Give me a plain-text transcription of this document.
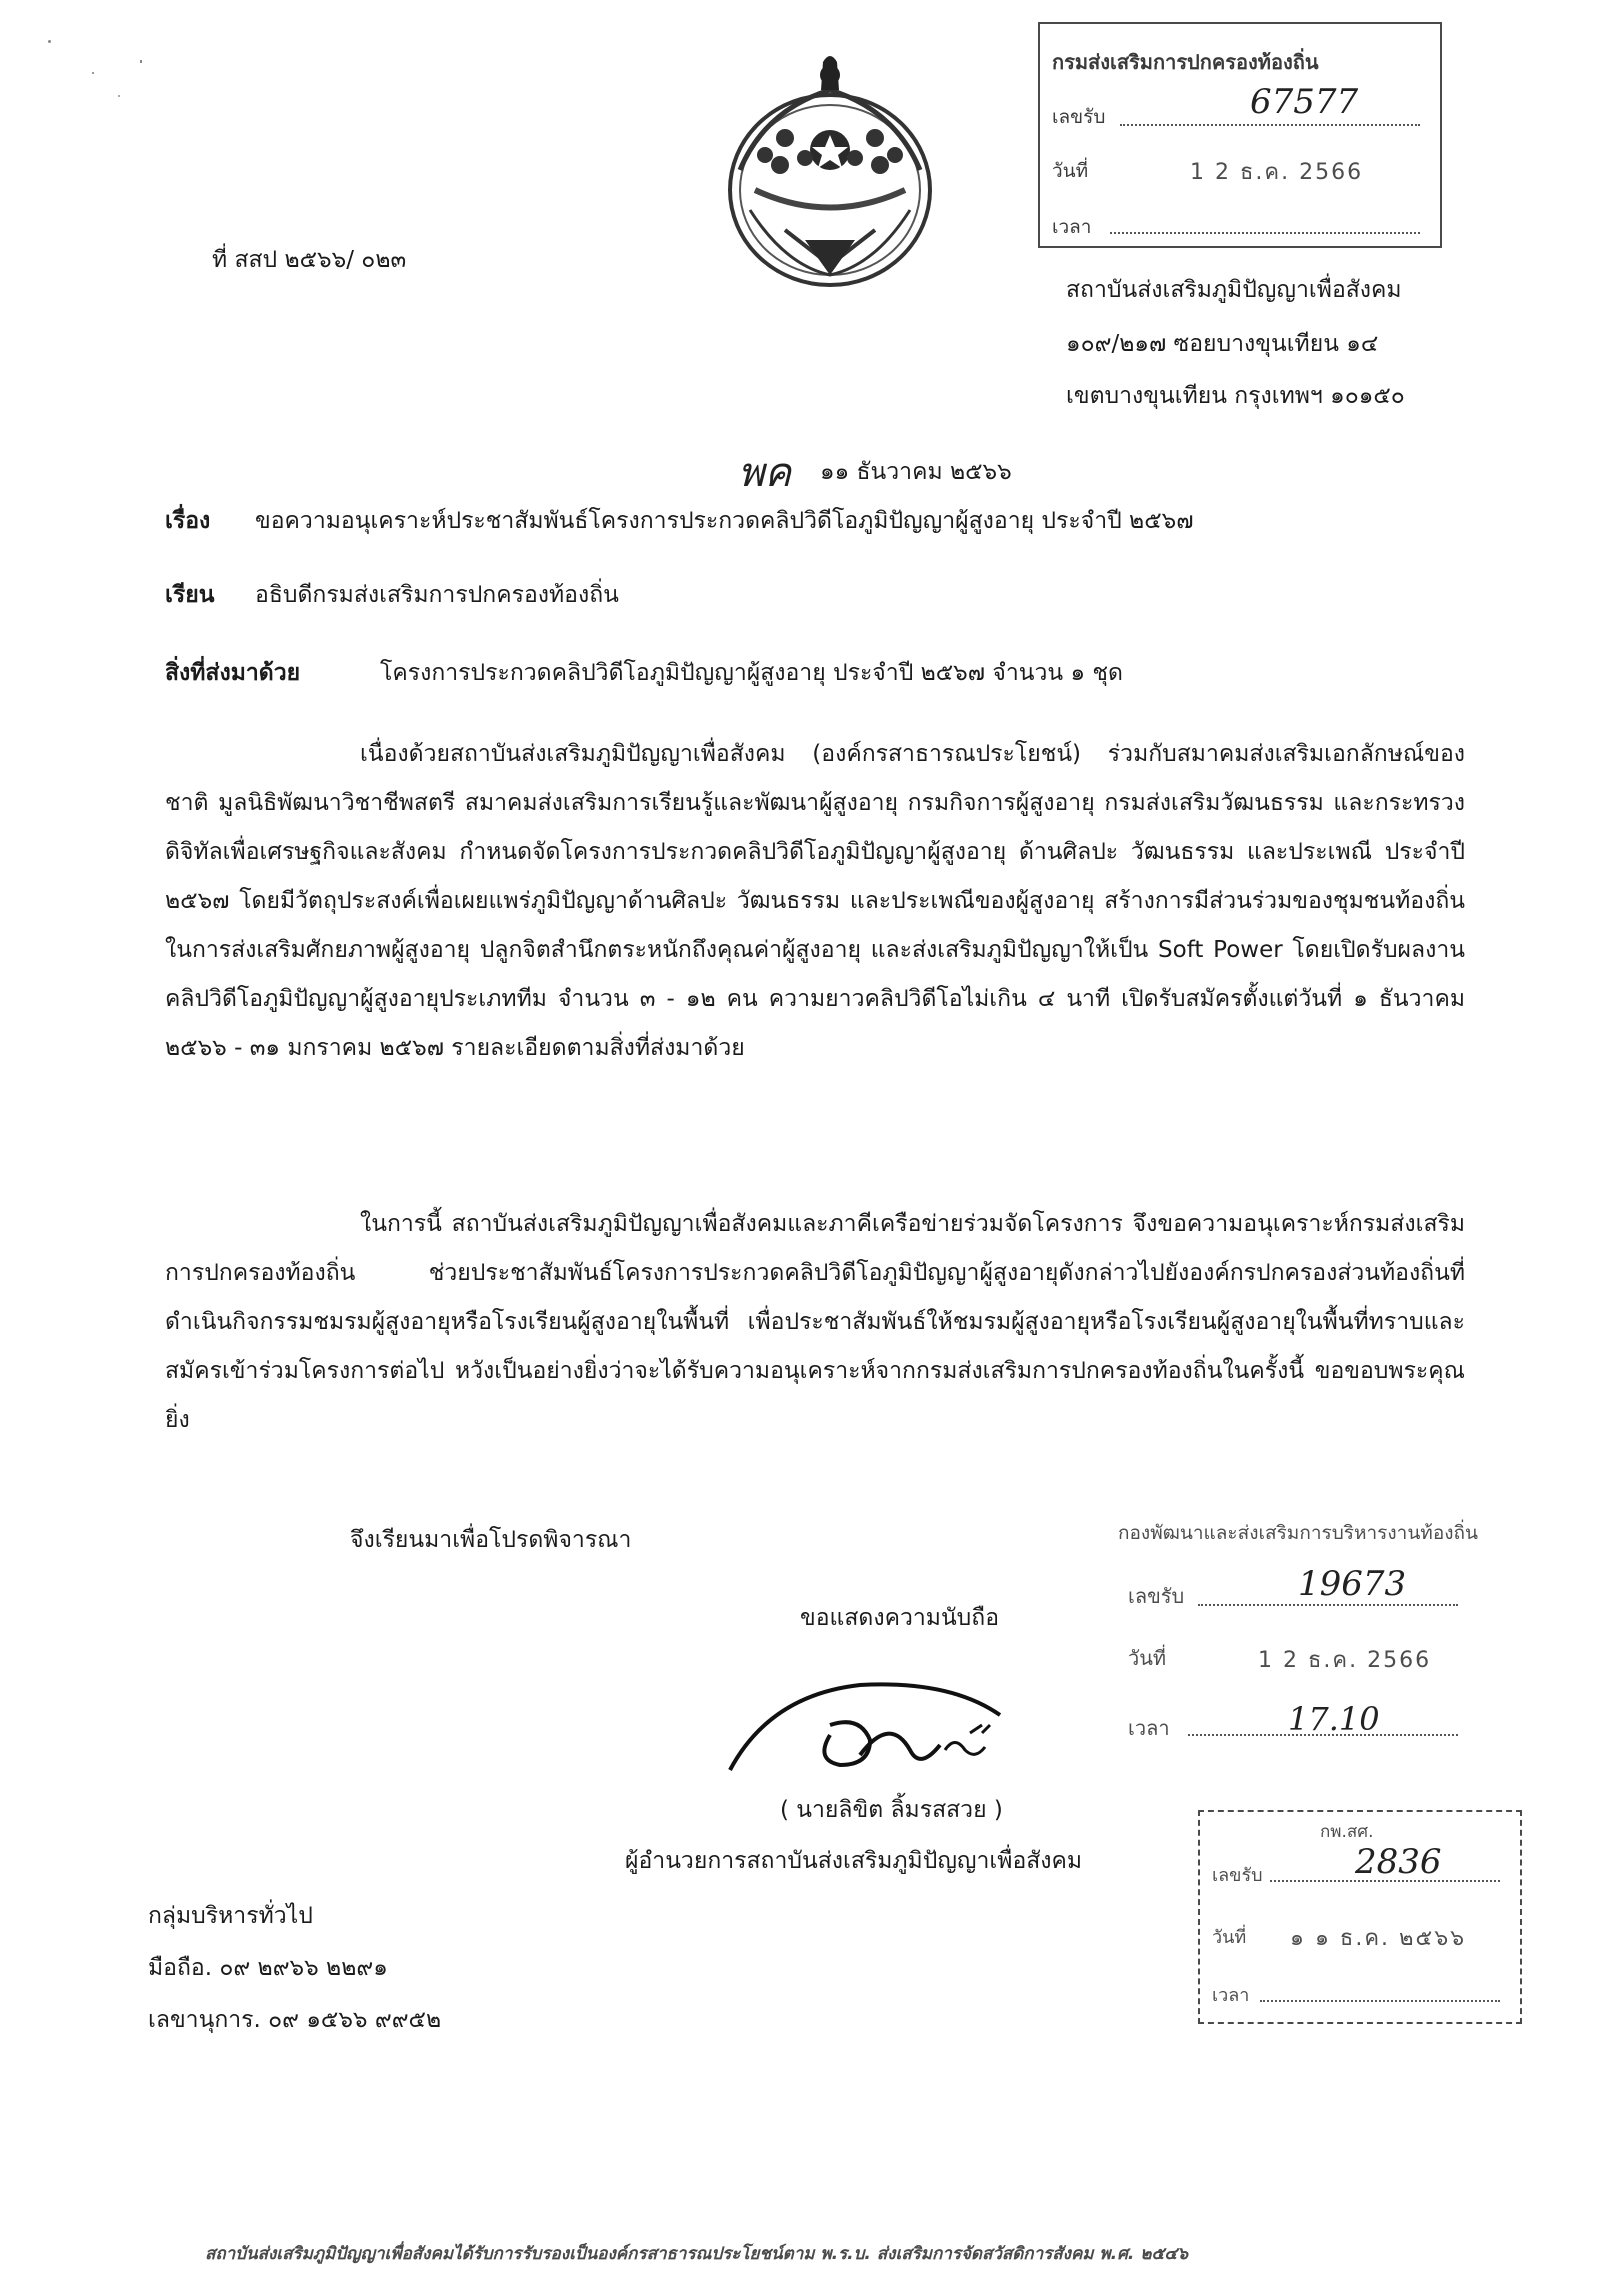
กรมส่งเสริมการปกครองท้องถิ่น
เลขรับ	67577
วันที่	1 2 ธ.ค. 2566
เวลา
ที่ สสป ๒๕๖๖/ ๐๒๓
สถาบันส่งเสริมภูมิปัญญาเพื่อสังคม
๑๐๙/๒๑๗ ซอยบางขุนเทียน ๑๔
เขตบางขุนเทียน กรุงเทพฯ ๑๐๑๕๐
พค ๑๑ ธันวาคม ๒๕๖๖
เรื่อง ขอความอนุเคราะห์ประชาสัมพันธ์โครงการประกวดคลิปวิดีโอภูมิปัญญาผู้สูงอายุ ประจำปี ๒๕๖๗
เรียน อธิบดีกรมส่งเสริมการปกครองท้องถิ่น
สิ่งที่ส่งมาด้วย	โครงการประกวดคลิปวิดีโอภูมิปัญญาผู้สูงอายุ ประจำปี ๒๕๖๗ จำนวน ๑ ชุด

เนื่องด้วยสถาบันส่งเสริมภูมิปัญญาเพื่อสังคม (องค์กรสาธารณประโยชน์) ร่วมกับสมาคมส่งเสริมเอกลักษณ์ของชาติ มูลนิธิพัฒนาวิชาชีพสตรี สมาคมส่งเสริมการเรียนรู้และพัฒนาผู้สูงอายุ กรมกิจการผู้สูงอายุ กรมส่งเสริมวัฒนธรรม และกระทรวงดิจิทัลเพื่อเศรษฐกิจและสังคม กำหนดจัดโครงการประกวดคลิปวิดีโอภูมิปัญญาผู้สูงอายุ ด้านศิลปะ วัฒนธรรม และประเพณี ประจำปี ๒๕๖๗ โดยมีวัตถุประสงค์เพื่อเผยแพร่ภูมิปัญญาด้านศิลปะ วัฒนธรรม และประเพณีของผู้สูงอายุ สร้างการมีส่วนร่วมของชุมชนท้องถิ่นในการส่งเสริมศักยภาพผู้สูงอายุ ปลูกจิตสำนึกตระหนักถึงคุณค่าผู้สูงอายุ และส่งเสริมภูมิปัญญาให้เป็น Soft Power โดยเปิดรับผลงานคลิปวิดีโอภูมิปัญญาผู้สูงอายุประเภททีม จำนวน ๓ - ๑๒ คน ความยาวคลิปวิดีโอไม่เกิน ๔ นาที เปิดรับสมัครตั้งแต่วันที่ ๑ ธันวาคม ๒๕๖๖ - ๓๑ มกราคม ๒๕๖๗ รายละเอียดตามสิ่งที่ส่งมาด้วย

ในการนี้ สถาบันส่งเสริมภูมิปัญญาเพื่อสังคมและภาคีเครือข่ายร่วมจัดโครงการ จึงขอความอนุเคราะห์กรมส่งเสริมการปกครองท้องถิ่น ช่วยประชาสัมพันธ์โครงการประกวดคลิปวิดีโอภูมิปัญญาผู้สูงอายุดังกล่าวไปยังองค์กรปกครองส่วนท้องถิ่นที่ดำเนินกิจกรรมชมรมผู้สูงอายุหรือโรงเรียนผู้สูงอายุในพื้นที่ เพื่อประชาสัมพันธ์ให้ชมรมผู้สูงอายุหรือโรงเรียนผู้สูงอายุในพื้นที่ทราบและสมัครเข้าร่วมโครงการต่อไป หวังเป็นอย่างยิ่งว่าจะได้รับความอนุเคราะห์จากกรมส่งเสริมการปกครองท้องถิ่นในครั้งนี้ ขอขอบพระคุณยิ่ง

จึงเรียนมาเพื่อโปรดพิจารณา	กองพัฒนาและส่งเสริมการบริหารงานท้องถิ่น
เลขรับ	19673
วันที่	1 2 ธ.ค. 2566
เวลา	17.10
ขอแสดงความนับถือ
( นายลิขิต ลิ้มรสสวย )
ผู้อำนวยการสถาบันส่งเสริมภูมิปัญญาเพื่อสังคม
กพ.สศ.
เลขรับ	2836
วันที่ ๑ ๑ ธ.ค. ๒๕๖๖
เวลา
กลุ่มบริหารทั่วไป
มือถือ. ๐๙ ๒๙๖๖ ๒๒๙๑
เลขานุการ. ๐๙ ๑๕๖๖ ๙๙๕๒
สถาบันส่งเสริมภูมิปัญญาเพื่อสังคมได้รับการรับรองเป็นองค์กรสาธารณประโยชน์ตาม พ.ร.บ. ส่งเสริมการจัดสวัสดิการสังคม พ.ศ. ๒๕๔๖
